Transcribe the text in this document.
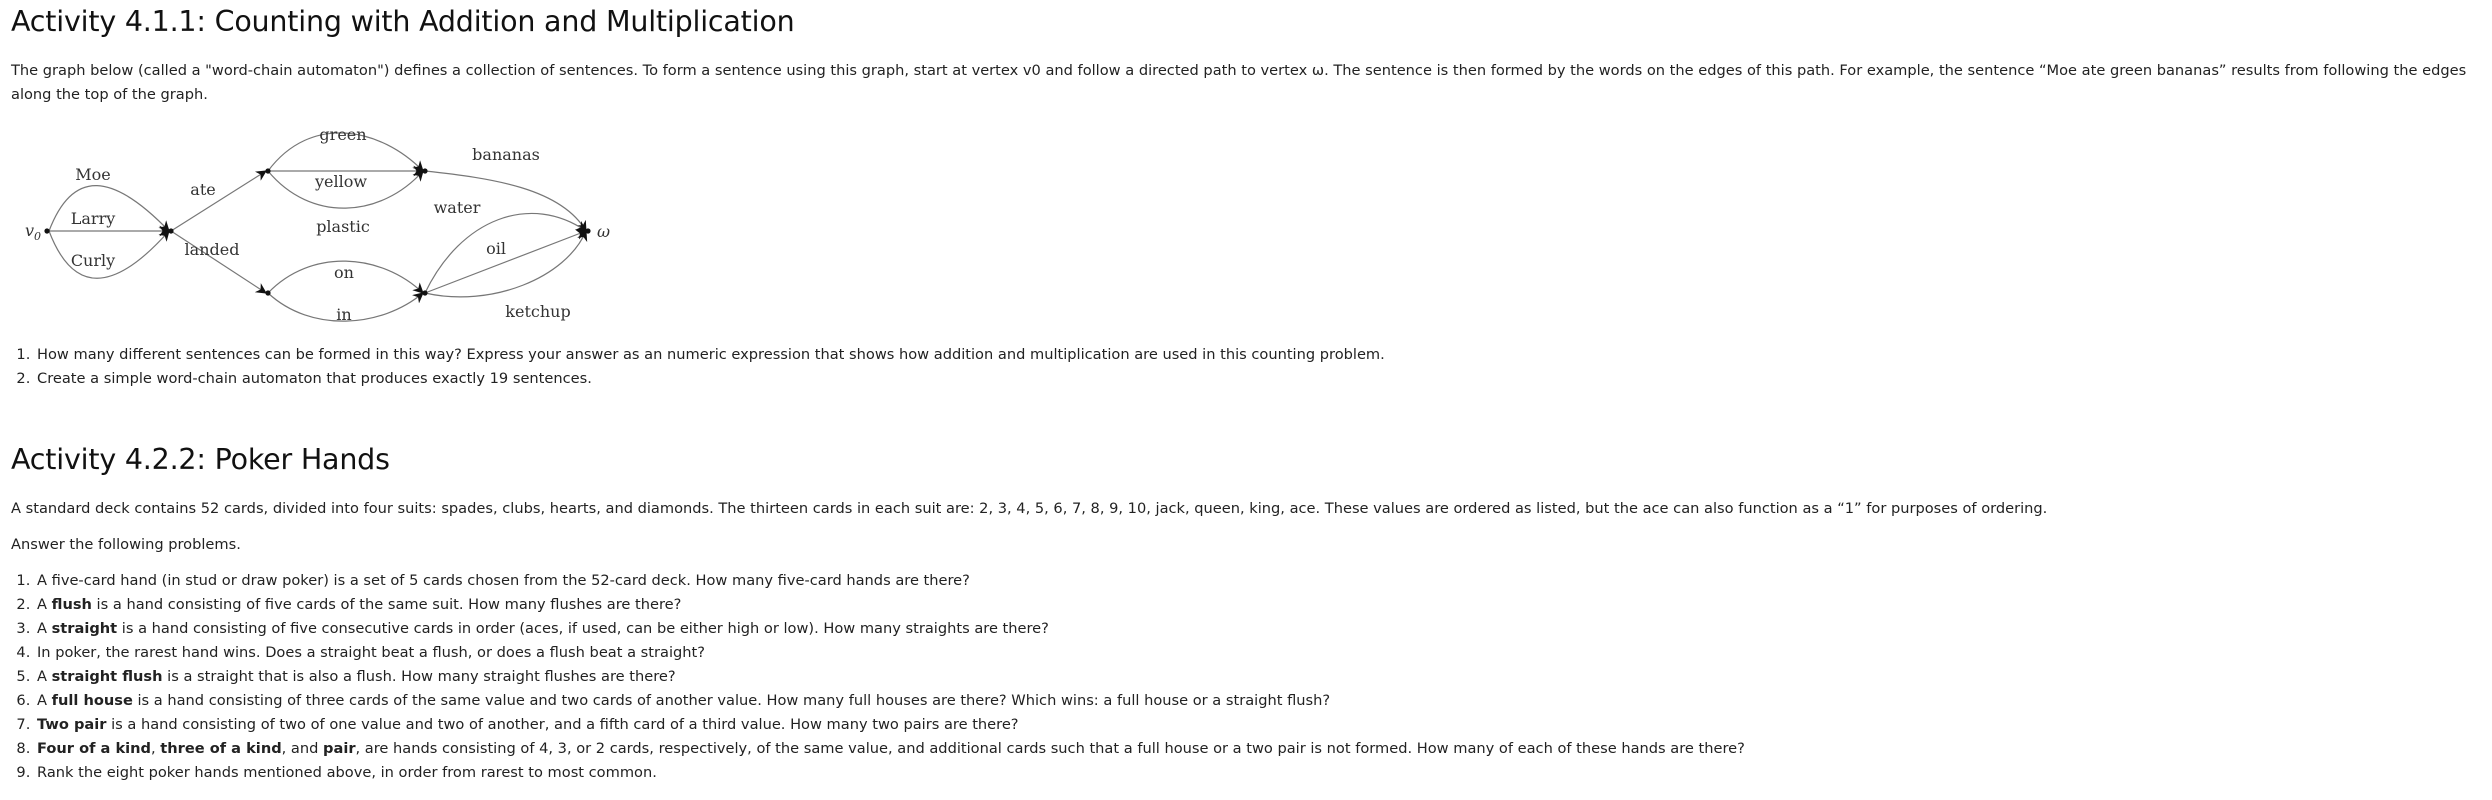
Activity 4.1.1: Counting with Addition and Multiplication

The graph below (called a "word-chain automaton") defines a collection of sentences. To form a sentence using this graph, start at vertex v0 and follow a directed path to vertex ω. The sentence is then formed by the words on the edges of this path. For example, the sentence “Moe ate green bananas” results from following the edges along the top of the graph.

$v_0$	ω
Moe
Larry
Curly
ate
landed
green
yellow
plastic
on
in
bananas
water
oil
ketchup
1. How many different sentences can be formed in this way? Express your answer as an numeric expression that shows how addition and multiplication are used in this counting problem.
2. Create a simple word-chain automaton that produces exactly 19 sentences.
Activity 4.2.2: Poker Hands

A standard deck contains 52 cards, divided into four suits: spades, clubs, hearts, and diamonds. The thirteen cards in each suit are: 2, 3, 4, 5, 6, 7, 8, 9, 10, jack, queen, king, ace. These values are ordered as listed, but the ace can also function as a “1” for purposes of ordering.

Answer the following problems.

1. A five-card hand (in stud or draw poker) is a set of 5 cards chosen from the 52-card deck. How many five-card hands are there?
2. A flush is a hand consisting of five cards of the same suit. How many flushes are there?
3. A straight is a hand consisting of five consecutive cards in order (aces, if used, can be either high or low). How many straights are there?
4. In poker, the rarest hand wins. Does a straight beat a flush, or does a flush beat a straight?
5. A straight flush is a straight that is also a flush. How many straight flushes are there?
6. A full house is a hand consisting of three cards of the same value and two cards of another value. How many full houses are there? Which wins: a full house or a straight flush?
7. Two pair is a hand consisting of two of one value and two of another, and a fifth card of a third value. How many two pairs are there?
8. Four of a kind, three of a kind, and pair, are hands consisting of 4, 3, or 2 cards, respectively, of the same value, and additional cards such that a full house or a two pair is not formed. How many of each of these hands are there?
9. Rank the eight poker hands mentioned above, in order from rarest to most common.
